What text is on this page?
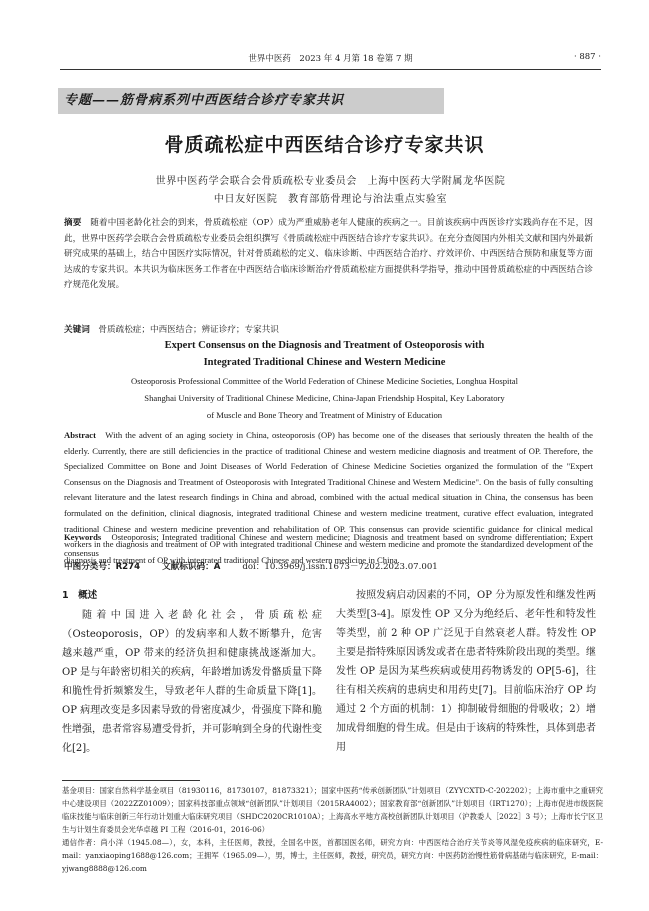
世界中医药　2023 年 4 月第 18 卷第 7 期	· 887 ·
专题——筋骨病系列中西医结合诊疗专家共识
骨质疏松症中西医结合诊疗专家共识
世界中医药学会联合会骨质疏松专业委员会　上海中医药大学附属龙华医院
中日友好医院　教育部筋骨理论与治法重点实验室
摘要　 随着中国老龄化社会的到来，骨质疏松症（OP）成为严重威胁老年人健康的疾病之一。目前该疾病中西医诊疗实践尚存在不足，因此，世界中医药学会联合会骨质疏松专业委员会组织撰写《骨质疏松症中西医结合诊疗专家共识》。在充分查阅国内外相关文献和国内外最新研究成果的基础上，结合中国医疗实际情况，针对骨质疏松的定义、临床诊断、中西医结合治疗、疗效评价、中西医结合预防和康复等方面达成的专家共识。本共识为临床医务工作者在中西医结合临床诊断治疗骨质疏松症方面提供科学指导，推动中国骨质疏松症的中西医结合诊疗规范化发展。
关键词　 骨质疏松症；中西医结合；辨证诊疗；专家共识
Expert Consensus on the Diagnosis and Treatment of Osteoporosis with
Integrated Traditional Chinese and Western Medicine
Osteoporosis Professional Committee of the World Federation of Chinese Medicine Societies, Longhua Hospital
Shanghai University of Traditional Chinese Medicine, China-Japan Friendship Hospital, Key Laboratory
of Muscle and Bone Theory and Treatment of Ministry of Education
Abstract With the advent of an aging society in China, osteoporosis (OP) has become one of the diseases that seriously threaten the health of the elderly. Currently, there are still deficiencies in the practice of traditional Chinese and western medicine diagnosis and treatment of OP. Therefore, the Specialized Committee on Bone and Joint Diseases of World Federation of Chinese Medicine Societies organized the formulation of the "Expert Consensus on the Diagnosis and Treatment of Osteoporosis with Integrated Traditional Chinese and Western Medicine". On the basis of fully consulting relevant literature and the latest research findings in China and abroad, combined with the actual medical situation in China, the consensus has been formulated on the definition, clinical diagnosis, integrated traditional Chinese and western medicine treatment, curative effect evaluation, integrated traditional Chinese and western medicine prevention and rehabilitation of OP. This consensus can provide scientific guidance for clinical medical workers in the diagnosis and treatment of OP with integrated traditional Chinese and western medicine and promote the standardized development of the diagnosis and treatment of OP with integrated traditional Chinese and western medicine in China.
Keywords Osteoporosis; Integrated traditional Chinese and western medicine; Diagnosis and treatment based on syndrome differentiation; Expert consensus
中图分类号：R274	文献标识码：A	doi：10.3969/j.issn.1673－7202.2023.07.001
1　概述
随着中国进入老龄化社会，骨质疏松症（Osteoporosis，OP）的发病率和人数不断攀升，危害越来越严重，OP 带来的经济负担和健康挑战逐渐加大。OP 是与年龄密切相关的疾病，年龄增加诱发骨骼质量下降和脆性骨折频繁发生，导致老年人群的生命质量下降[1]。OP 病理改变是多因素导致的骨密度减少，骨强度下降和脆性增强，患者常容易遭受骨折，并可影响到全身的代谢性变化[2]。
按照发病启动因素的不同，OP 分为原发性和继发性两大类型[3-4]。原发性 OP 又分为绝经后、老年性和特发性等类型，前 2 种 OP 广泛见于自然衰老人群。特发性 OP 主要是指特殊原因诱发或者在患者特殊阶段出现的类型。继发性 OP 是因为某些疾病或使用药物诱发的 OP[5-6]，往往有相关疾病的患病史和用药史[7]。目前临床治疗 OP 均通过 2 个方面的机制：1）抑制破骨细胞的骨吸收；2）增加成骨细胞的骨生成。但是由于该病的特殊性，具体到患者用
基金项目：国家自然科学基金项目（81930116，81730107，81873321）；国家中医药“传承创新团队”计划项目（ZYYCXTD-C-202202）；上海市重中之重研究中心建设项目（2022ZZ01009）；国家科技部重点领域“创新团队”计划项目（2015RA4002）；国家教育部“创新团队”计划项目（IRT1270）；上海市促进市级医院临床技能与临床创新三年行动计划重大临床研究项目（SHDC2020CR1010A）；上海高水平地方高校创新团队计划项目（沪教委人［2022］3 号）；上海市长宁区卫生与计划生育委员会光华卓越 PI 工程（2016-01，2016-06）
通信作者：尚小洋（1945.08—），女，本科，主任医师，教授，全国名中医，首都国医名师，研究方向：中西医结合治疗关节炎等风湿免疫疾病的临床研究，E-mail：yanxiaoping1688@126.com；王拥军（1965.09—），男，博士，主任医师，教授，研究员，研究方向：中医药防治慢性筋骨病基础与临床研究，E-mail：yjwang8888@126.com
